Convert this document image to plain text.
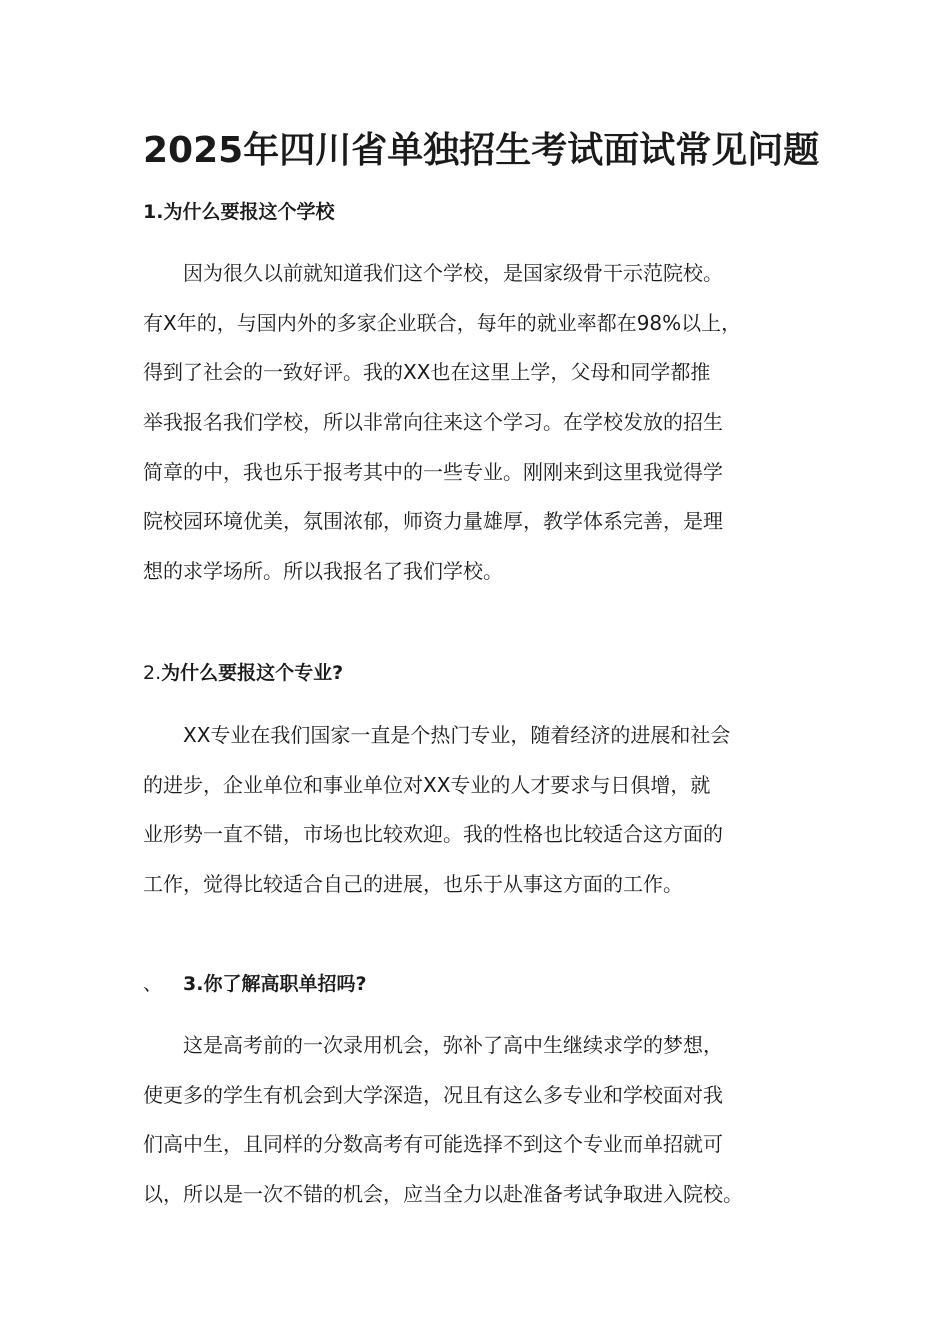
2025年四川省单独招生考试面试常见问题
1.为什么要报这个学校
因为很久以前就知道我们这个学校，是国家级骨干示范院校。
有X年的，与国内外的多家企业联合，每年的就业率都在98%以上，
得到了社会的一致好评。我的XX也在这里上学，父母和同学都推
举我报名我们学校，所以非常向往来这个学习。在学校发放的招生
简章的中，我也乐于报考其中的一些专业。刚刚来到这里我觉得学
院校园环境优美，氛围浓郁，师资力量雄厚，教学体系完善，是理
想的求学场所。所以我报名了我们学校。
2.为什么要报这个专业?
XX专业在我们国家一直是个热门专业，随着经济的进展和社会
的进步，企业单位和事业单位对XX专业的人才要求与日俱增，就
业形势一直不错，市场也比较欢迎。我的性格也比较适合这方面的
工作，觉得比较适合自己的进展，也乐于从事这方面的工作。
、 3.你了解高职单招吗?
这是高考前的一次录用机会，弥补了高中生继续求学的梦想，
使更多的学生有机会到大学深造，况且有这么多专业和学校面对我
们高中生，且同样的分数高考有可能选择不到这个专业而单招就可
以，所以是一次不错的机会，应当全力以赴准备考试争取进入院校。
